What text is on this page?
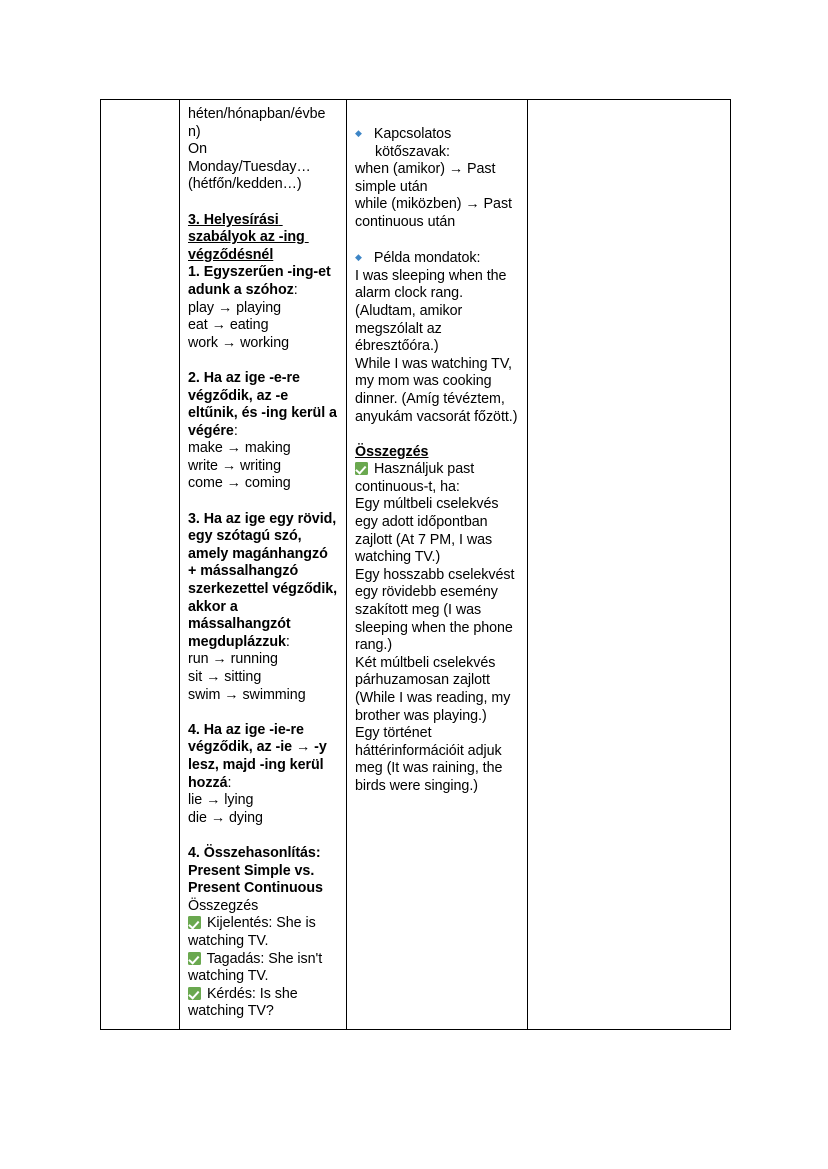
héten/hónapban/évbe
n)
On
Monday/Tuesday…
(hétfőn/kedden…)
3. Helyesírási szabályok az -ing végződésnél
1. Egyszerűen -ing-et adunk a szóhoz:
play → playing
eat → eating
work → working
2. Ha az ige -e-re végződik, az -e eltűnik, és -ing kerül a végére:
make → making
write → writing
come → coming
3. Ha az ige egy rövid, egy szótagú szó, amely magánhangzó + mássalhangzó szerkezettel végződik, akkor a mássalhangzót megduplázzuk:
run → running
sit → sitting
swim → swimming
4. Ha az ige -ie-re végződik, az -ie → -y lesz, majd -ing kerül hozzá:
lie → lying
die → dying
4. Összehasonlítás: Present Simple vs. Present Continuous
Összegzés
Kijelentés: She is watching TV.
Tagadás: She isn't watching TV.
Kérdés: Is she watching TV?

◆ Kapcsolatos kötőszavak:
when (amikor) → Past simple után
while (miközben) → Past continuous után
◆ Példa mondatok:
I was sleeping when the alarm clock rang. (Aludtam, amikor megszólalt az ébresztőóra.)
While I was watching TV, my mom was cooking dinner. (Amíg tévéztem, anyukám vacsorát főzött.)
Összegzés
Használjuk past continuous-t, ha:
Egy múltbeli cselekvés egy adott időpontban zajlott (At 7 PM, I was watching TV.)
Egy hosszabb cselekvést egy rövidebb esemény szakított meg (I was sleeping when the phone rang.)
Két múltbeli cselekvés párhuzamosan zajlott (While I was reading, my brother was playing.)
Egy történet háttérinformációit adjuk meg (It was raining, the birds were singing.)
